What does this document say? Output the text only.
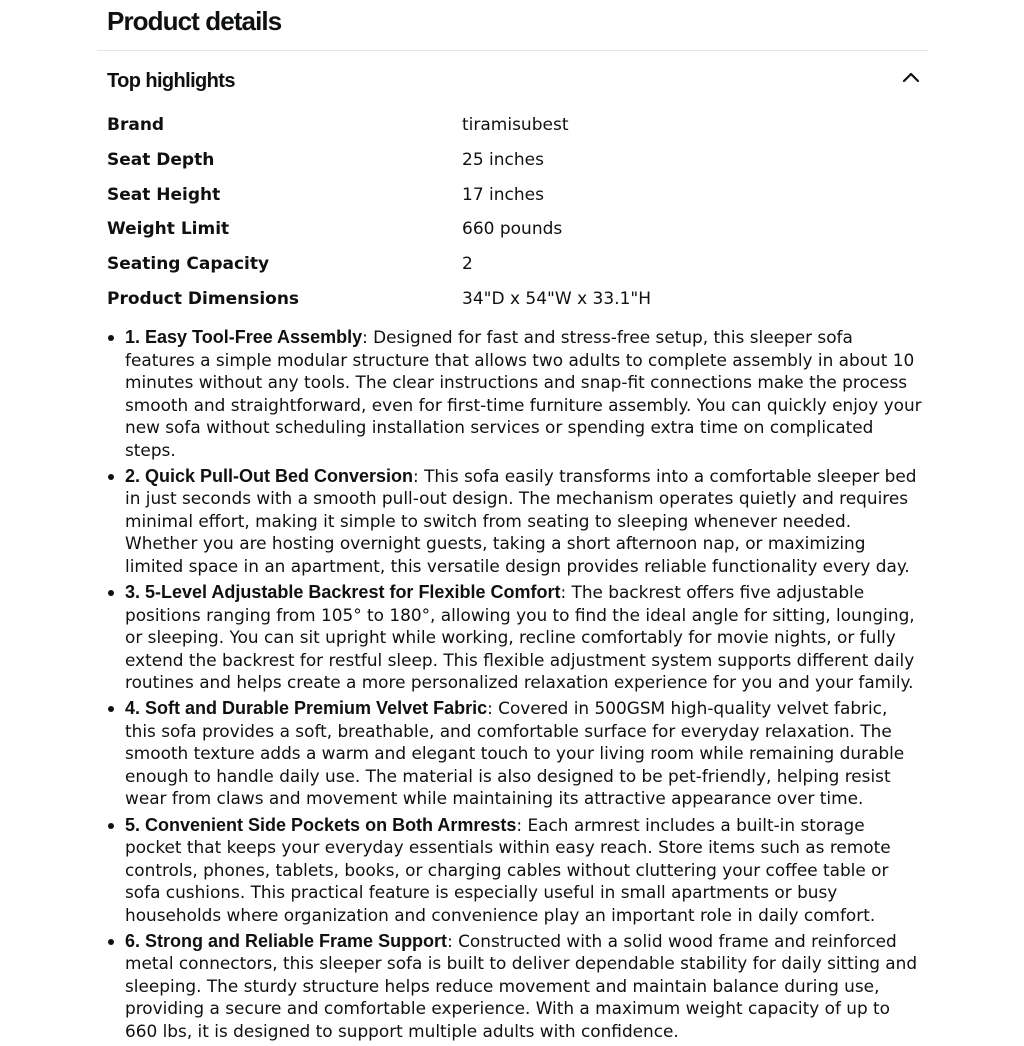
Product details
Top highlights
Brand	tiramisubest
Seat Depth	25 inches
Seat Height	17 inches
Weight Limit	660 pounds
Seating Capacity	2
Product Dimensions	34"D x 54"W x 33.1"H
1. Easy Tool-Free Assembly: Designed for fast and stress-free setup, this sleeper sofa features a simple modular structure that allows two adults to complete assembly in about 10 minutes without any tools. The clear instructions and snap-fit connections make the process smooth and straightforward, even for first-time furniture assembly. You can quickly enjoy your new sofa without scheduling installation services or spending extra time on complicated steps.
2. Quick Pull-Out Bed Conversion: This sofa easily transforms into a comfortable sleeper bed in just seconds with a smooth pull-out design. The mechanism operates quietly and requires minimal effort, making it simple to switch from seating to sleeping whenever needed. Whether you are hosting overnight guests, taking a short afternoon nap, or maximizing limited space in an apartment, this versatile design provides reliable functionality every day.
3. 5-Level Adjustable Backrest for Flexible Comfort: The backrest offers five adjustable positions ranging from 105° to 180°, allowing you to find the ideal angle for sitting, lounging, or sleeping. You can sit upright while working, recline comfortably for movie nights, or fully extend the backrest for restful sleep. This flexible adjustment system supports different daily routines and helps create a more personalized relaxation experience for you and your family.
4. Soft and Durable Premium Velvet Fabric: Covered in 500GSM high-quality velvet fabric, this sofa provides a soft, breathable, and comfortable surface for everyday relaxation. The smooth texture adds a warm and elegant touch to your living room while remaining durable enough to handle daily use. The material is also designed to be pet-friendly, helping resist wear from claws and movement while maintaining its attractive appearance over time.
5. Convenient Side Pockets on Both Armrests: Each armrest includes a built-in storage pocket that keeps your everyday essentials within easy reach. Store items such as remote controls, phones, tablets, books, or charging cables without cluttering your coffee table or sofa cushions. This practical feature is especially useful in small apartments or busy households where organization and convenience play an important role in daily comfort.
6. Strong and Reliable Frame Support: Constructed with a solid wood frame and reinforced metal connectors, this sleeper sofa is built to deliver dependable stability for daily sitting and sleeping. The sturdy structure helps reduce movement and maintain balance during use, providing a secure and comfortable experience. With a maximum weight capacity of up to 660 lbs, it is designed to support multiple adults with confidence.
